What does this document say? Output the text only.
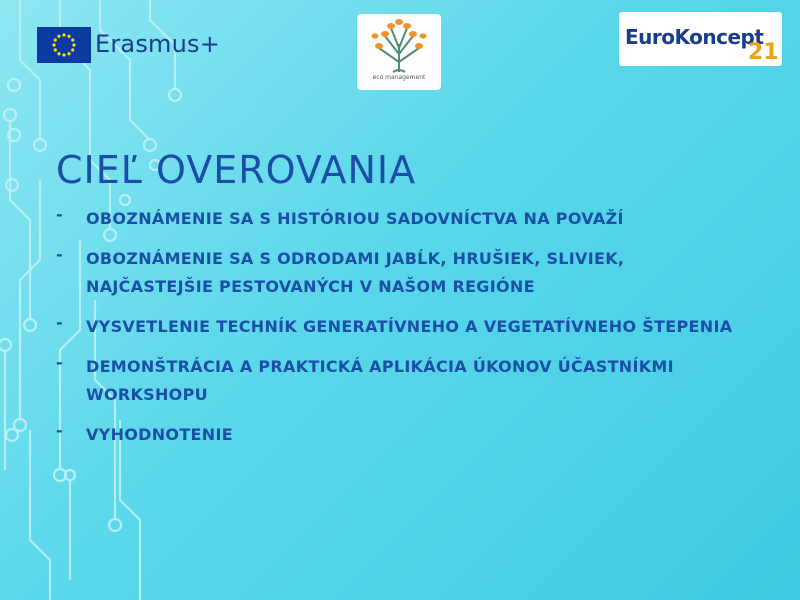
Erasmus+
eco management
EuroKoncept
21
CIEĽ OVEROVANIA
- OBOZNÁMENIE SA S HISTÓRIOU SADOVNÍCTVA NA POVAŽÍ
- OBOZNÁMENIE SA S ODRODAMI JABĹK, HRUŠIEK, SLIVIEK, NAJČASTEJŠIE PESTOVANÝCH V NAŠOM REGIÓNE
- VYSVETLENIE TECHNÍK GENERATÍVNEHO A VEGETATÍVNEHO ŠTEPENIA
- DEMONŠTRÁCIA A PRAKTICKÁ APLIKÁCIA ÚKONOV ÚČASTNÍKMI WORKSHOPU
- VYHODNOTENIE
